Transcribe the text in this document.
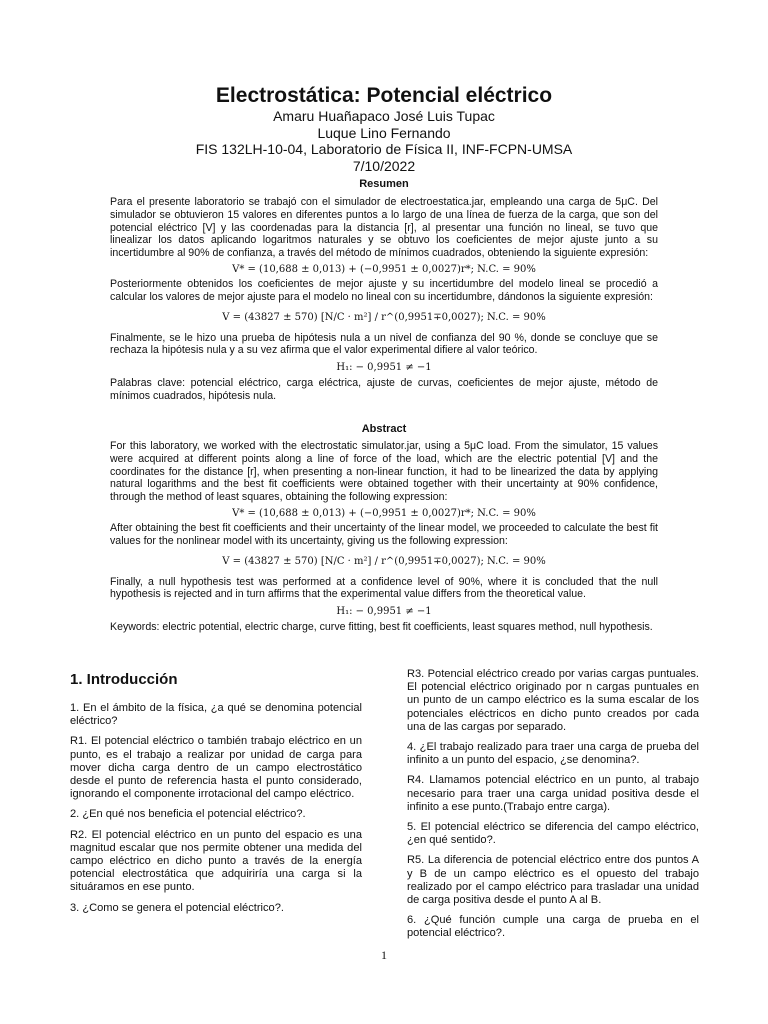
Electrostática: Potencial eléctrico
Amaru Huañapaco José Luis Tupac
Luque Lino Fernando
FIS 132LH-10-04, Laboratorio de Física II, INF-FCPN-UMSA
7/10/2022
Resumen

Para el presente laboratorio se trabajó con el simulador de electroestatica.jar, empleando una carga de 5μC. Del simulador se obtuvieron 15 valores en diferentes puntos a lo largo de una línea de fuerza de la carga, que son del potencial eléctrico [V] y las coordenadas para la distancia [r], al presentar una función no lineal, se tuvo que linealizar los datos aplicando logaritmos naturales y se obtuvo los coeficientes de mejor ajuste junto a su incertidumbre al 90% de confianza, a través del método de mínimos cuadrados, obteniendo la siguiente expresión:

V* = (10,688 ± 0,013) + (−0,9951 ± 0,0027)r*; N.C. = 90%

Posteriormente obtenidos los coeficientes de mejor ajuste y su incertidumbre del modelo lineal se procedió a calcular los valores de mejor ajuste para el modelo no lineal con su incertidumbre, dándonos la siguiente expresión:

V = (43827 ± 570) [N/C · m²] / r^(0,9951∓0,0027); N.C. = 90%

Finalmente, se le hizo una prueba de hipótesis nula a un nivel de confianza del 90 %, donde se concluye que se rechaza la hipótesis nula y a su vez afirma que el valor experimental difiere al valor teórico.

H₁: − 0,9951 ≠ −1

Palabras clave: potencial eléctrico, carga eléctrica, ajuste de curvas, coeficientes de mejor ajuste, método de mínimos cuadrados, hipótesis nula.

Abstract

For this laboratory, we worked with the electrostatic simulator.jar, using a 5μC load. From the simulator, 15 values were acquired at different points along a line of force of the load, which are the electric potential [V] and the coordinates for the distance [r], when presenting a non-linear function, it had to be linearized the data by applying natural logarithms and the best fit coefficients were obtained together with their uncertainty at 90% confidence, through the method of least squares, obtaining the following expression:

V* = (10,688 ± 0,013) + (−0,9951 ± 0,0027)r*; N.C. = 90%

After obtaining the best fit coefficients and their uncertainty of the linear model, we proceeded to calculate the best fit values for the nonlinear model with its uncertainty, giving us the following expression:

V = (43827 ± 570) [N/C · m²] / r^(0,9951∓0,0027); N.C. = 90%

Finally, a null hypothesis test was performed at a confidence level of 90%, where it is concluded that the null hypothesis is rejected and in turn affirms that the experimental value differs from the theoretical value.

H₁: − 0,9951 ≠ −1

Keywords: electric potential, electric charge, curve fitting, best fit coefficients, least squares method, null hypothesis.

1. Introducción

1. En el ámbito de la física, ¿a qué se denomina potencial eléctrico?

R1. El potencial eléctrico o también trabajo eléctrico en un punto, es el trabajo a realizar por unidad de carga para mover dicha carga dentro de un campo electrostático desde el punto de referencia hasta el punto considerado, ignorando el componente irrotacional del campo eléctrico.

2. ¿En qué nos beneficia el potencial eléctrico?.

R2. El potencial eléctrico en un punto del espacio es una magnitud escalar que nos permite obtener una medida del campo eléctrico en dicho punto a través de la energía potencial electrostática que adquiriría una carga si la situáramos en ese punto.

3. ¿Como se genera el potencial eléctrico?.

R3. Potencial eléctrico creado por varias cargas puntuales. El potencial eléctrico originado por n cargas puntuales en un punto de un campo eléctrico es la suma escalar de los potenciales eléctricos en dicho punto creados por cada una de las cargas por separado.

4. ¿El trabajo realizado para traer una carga de prueba del infinito a un punto del espacio, ¿se denomina?.

R4. Llamamos potencial eléctrico en un punto, al trabajo necesario para traer una carga unidad positiva desde el infinito a ese punto.(Trabajo entre carga).

5. El potencial eléctrico se diferencia del campo eléctrico, ¿en qué sentido?.

R5. La diferencia de potencial eléctrico entre dos puntos A y B de un campo eléctrico es el opuesto del trabajo realizado por el campo eléctrico para trasladar una unidad de carga positiva desde el punto A al B.

6. ¿Qué función cumple una carga de prueba en el potencial eléctrico?.

1
